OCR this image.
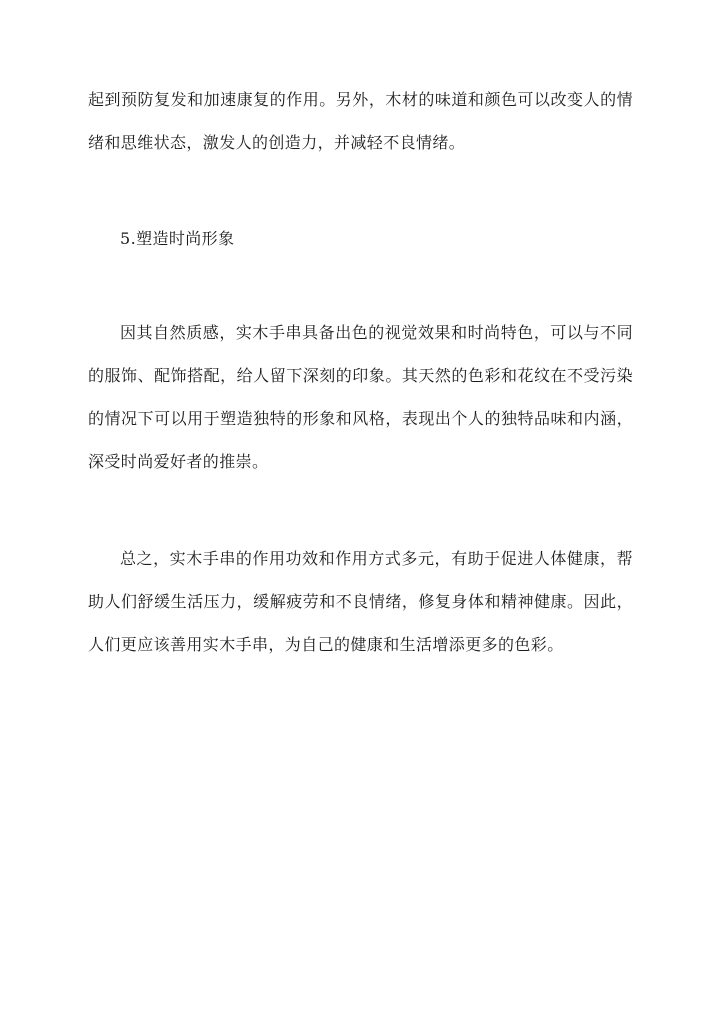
起到预防复发和加速康复的作用。另外，木材的味道和颜色可以改变人的情绪和思维状态，激发人的创造力，并减轻不良情绪。

5.塑造时尚形象

因其自然质感，实木手串具备出色的视觉效果和时尚特色，可以与不同的服饰、配饰搭配，给人留下深刻的印象。其天然的色彩和花纹在不受污染的情况下可以用于塑造独特的形象和风格，表现出个人的独特品味和内涵，深受时尚爱好者的推崇。

总之，实木手串的作用功效和作用方式多元，有助于促进人体健康，帮助人们舒缓生活压力，缓解疲劳和不良情绪，修复身体和精神健康。因此，人们更应该善用实木手串，为自己的健康和生活增添更多的色彩。
